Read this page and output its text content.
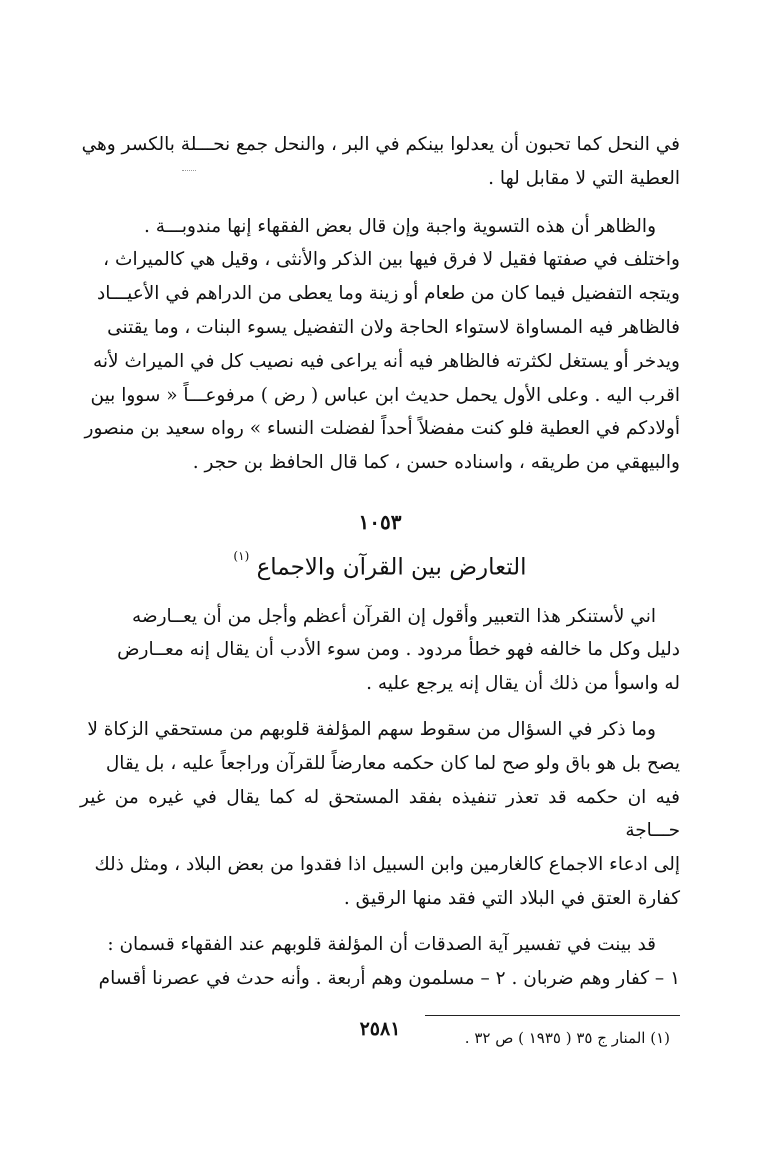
في النحل كما تحبون أن يعدلوا بينكم في البر ، والنحل جمع نحـــلة بالكسر وهي
العطية التي لا مقابل لها .

والظاهر أن هذه التسوية واجبة وإن قال بعض الفقهاء إنها مندوبـــة .
واختلف في صفتها فقيل لا فرق فيها بين الذكر والأنثى ، وقيل هي كالميراث ،
ويتجه التفضيل فيما كان من طعام أو زينة وما يعطى من الدراهم في الأعيـــاد
فالظاهر فيه المساواة لاستواء الحاجة ولان التفضيل يسوء البنات ، وما يقتنى
ويدخر أو يستغل لكثرته فالظاهر فيه أنه يراعى فيه نصيب كل في الميراث لأنه
اقرب اليه . وعلى الأول يحمل حديث ابن عباس ( رض ) مرفوعـــاً « سووا بين
أولادكم في العطية فلو كنت مفضلاً أحداً لفضلت النساء » رواه سعيد بن منصور
والبيهقي من طريقه ، واسناده حسن ، كما قال الحافظ بن حجر .

١٠٥٣
التعارض بين القرآن والاجماع $^{(١)}$

اني لأستنكر هذا التعبير وأقول إن القرآن أعظم وأجل من أن يعــارضه
دليل وكل ما خالفه فهو خطأ مردود . ومن سوء الأدب أن يقال إنه معــارض
له واسوأ من ذلك أن يقال إنه يرجع عليه .

وما ذكر في السؤال من سقوط سهم المؤلفة قلوبهم من مستحقي الزكاة لا
يصح بل هو باق ولو صح لما كان حكمه معارضاً للقرآن وراجعاً عليه ، بل يقال
فيه ان حكمه قد تعذر تنفيذه بفقد المستحق له كما يقال في غيره من غير حـــاجة
إلى ادعاء الاجماع كالغارمين وابن السبيل اذا فقدوا من بعض البلاد ، ومثل ذلك
كفارة العتق في البلاد التي فقد منها الرقيق .

قد بينت في تفسير آية الصدقات أن المؤلفة قلوبهم عند الفقهاء قسمان :
١ – كفار وهم ضربان . ٢ – مسلمون وهم أربعة . وأنه حدث في عصرنا أقسام

(١) المنار ج ٣٥ ( ١٩٣٥ ) ص ٣٢ .
٢٥٨١
